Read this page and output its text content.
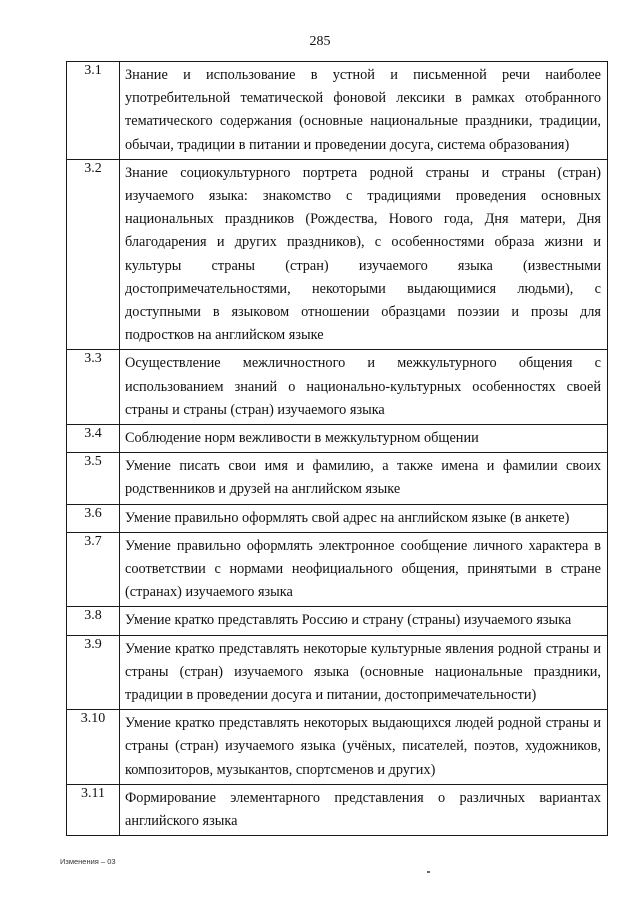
285
3.1	Знание и использование в устной и письменной речи наиболее употребительной тематической фоновой лексики в рамках отобранного тематического содержания (основные национальные праздники, традиции, обычаи, традиции в питании и проведении досуга, система образования)
3.2	Знание социокультурного портрета родной страны и страны (стран) изучаемого языка: знакомство с традициями проведения основных национальных праздников (Рождества, Нового года, Дня матери, Дня благодарения и других праздников), с особенностями образа жизни и культуры страны (стран) изучаемого языка (известными достопримечательностями, некоторыми выдающимися людьми), с доступными в языковом отношении образцами поэзии и прозы для подростков на английском языке
3.3	Осуществление межличностного и межкультурного общения с использованием знаний о национально-культурных особенностях своей страны и страны (стран) изучаемого языка
3.4	Соблюдение норм вежливости в межкультурном общении
3.5	Умение писать свои имя и фамилию, а также имена и фамилии своих родственников и друзей на английском языке
3.6	Умение правильно оформлять свой адрес на английском языке (в анкете)
3.7	Умение правильно оформлять электронное сообщение личного характера в соответствии с нормами неофициального общения, принятыми в стране (странах) изучаемого языка
3.8	Умение кратко представлять Россию и страну (страны) изучаемого языка
3.9	Умение кратко представлять некоторые культурные явления родной страны и страны (стран) изучаемого языка (основные национальные праздники, традиции в проведении досуга и питании, достопримечательности)
3.10	Умение кратко представлять некоторых выдающихся людей родной страны и страны (стран) изучаемого языка (учёных, писателей, поэтов, художников, композиторов, музыкантов, спортсменов и других)
3.11	Формирование элементарного представления о различных вариантах английского языка
Изменения – 03
